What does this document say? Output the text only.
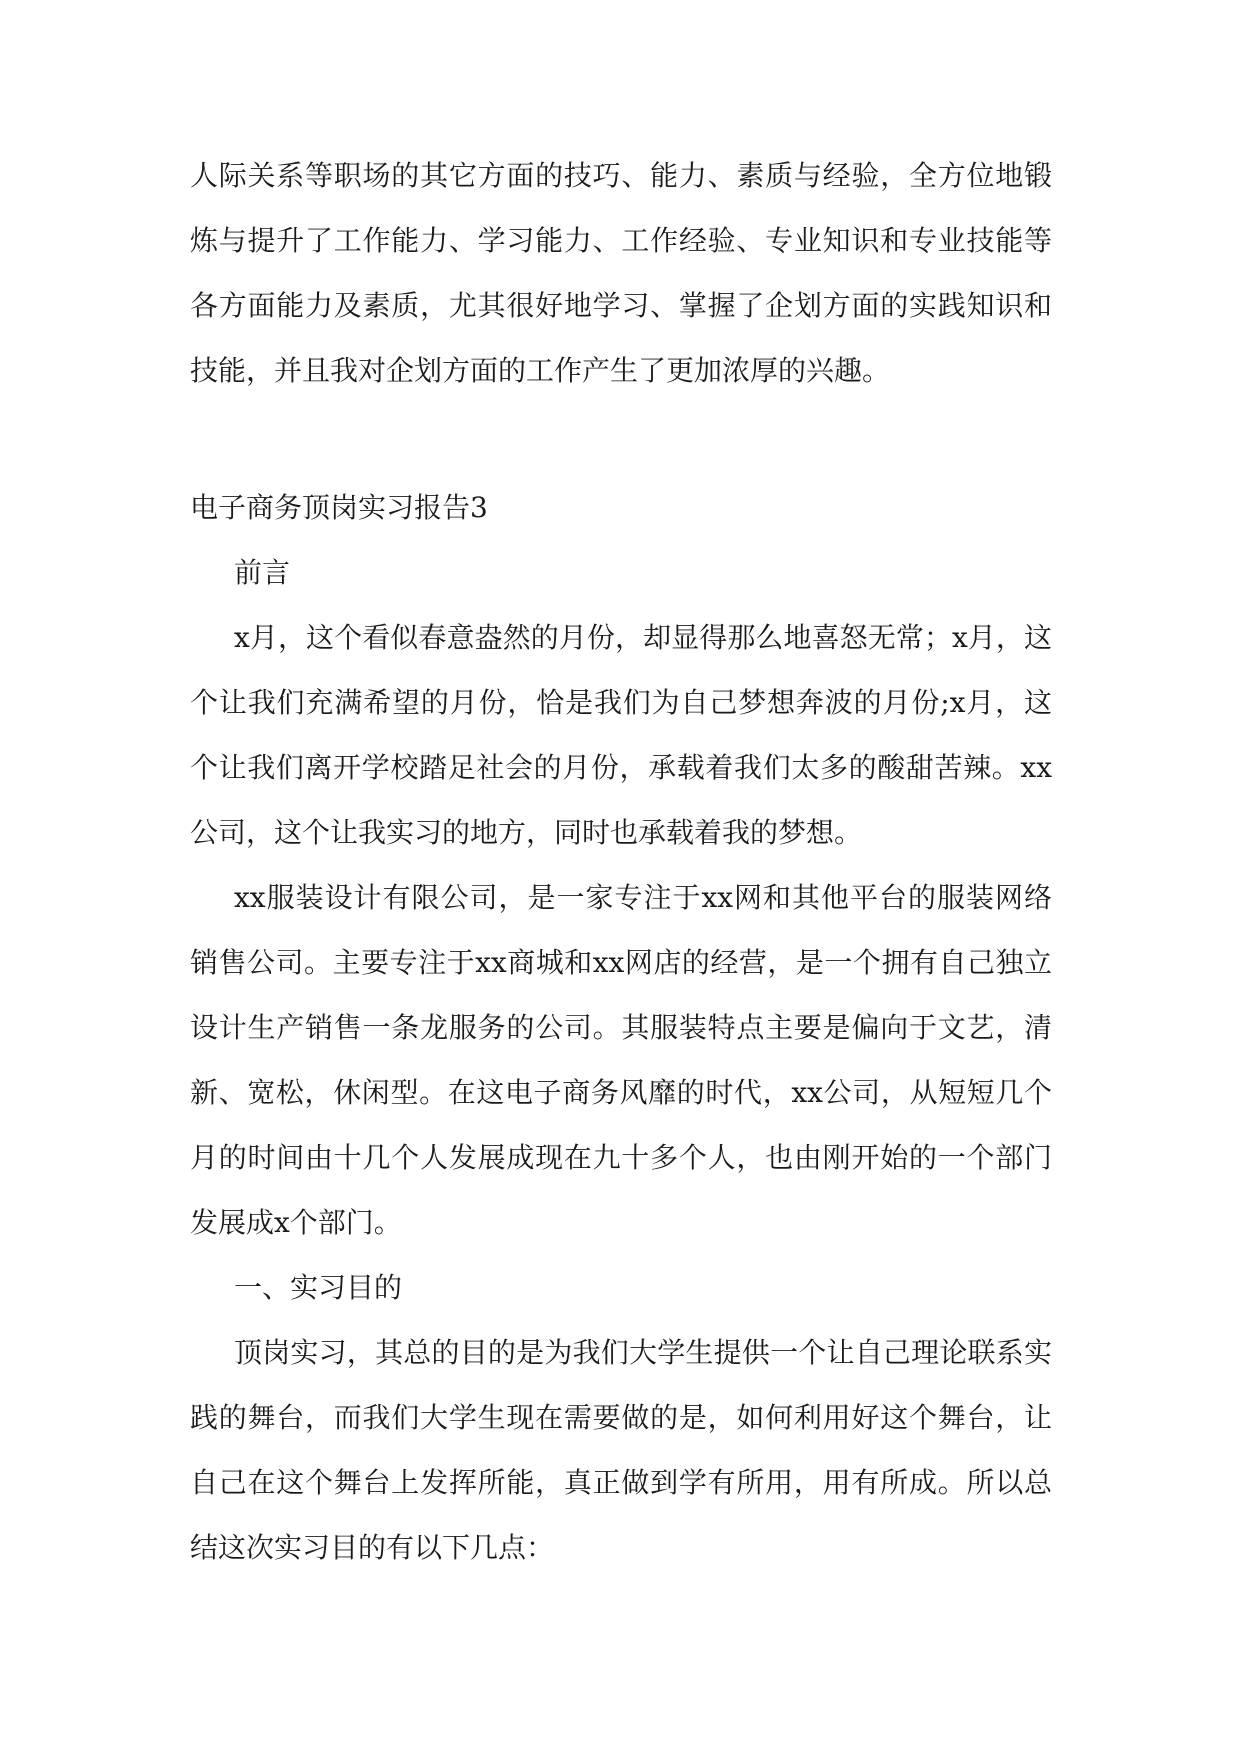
人际关系等职场的其它方面的技巧、能力、素质与经验，全方位地锻炼与提升了工作能力、学习能力、工作经验、专业知识和专业技能等各方面能力及素质，尤其很好地学习、掌握了企划方面的实践知识和技能，并且我对企划方面的工作产生了更加浓厚的兴趣。

电子商务顶岗实习报告3

前言

x月，这个看似春意盎然的月份，却显得那么地喜怒无常；x月，这个让我们充满希望的月份，恰是我们为自己梦想奔波的月份;x月，这个让我们离开学校踏足社会的月份，承载着我们太多的酸甜苦辣。xx公司，这个让我实习的地方，同时也承载着我的梦想。

xx服装设计有限公司，是一家专注于xx网和其他平台的服装网络销售公司。主要专注于xx商城和xx网店的经营，是一个拥有自己独立设计生产销售一条龙服务的公司。其服装特点主要是偏向于文艺，清新、宽松，休闲型。在这电子商务风靡的时代，xx公司，从短短几个月的时间由十几个人发展成现在九十多个人，也由刚开始的一个部门发展成x个部门。

一、实习目的

顶岗实习，其总的目的是为我们大学生提供一个让自己理论联系实践的舞台，而我们大学生现在需要做的是，如何利用好这个舞台，让自己在这个舞台上发挥所能，真正做到学有所用，用有所成。所以总结这次实习目的有以下几点：
